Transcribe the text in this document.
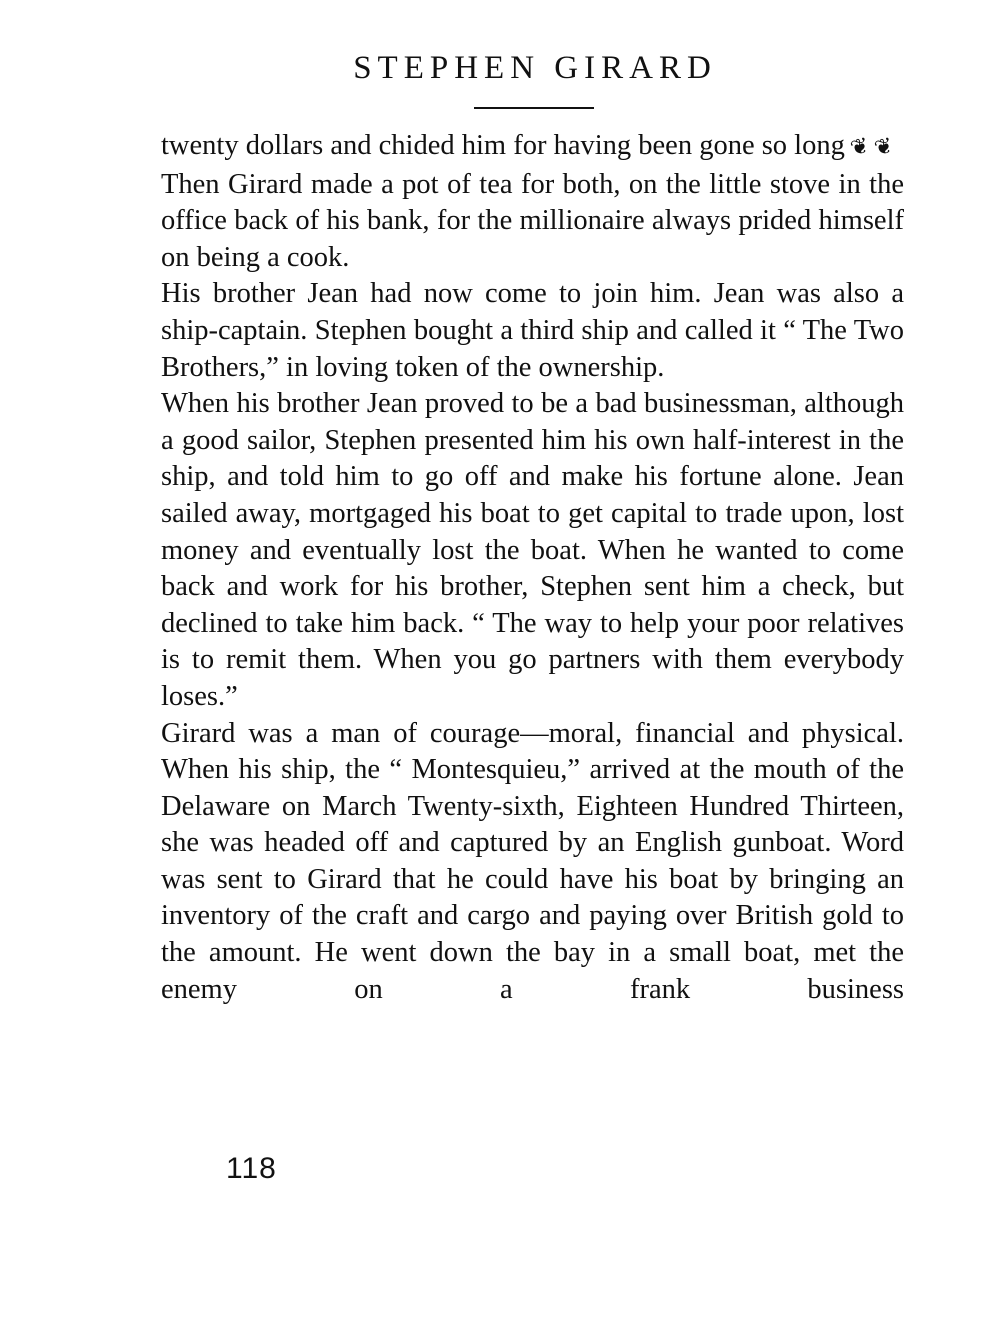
STEPHEN GIRARD

twenty dollars and chided him for having been gone so long ❦❦

Then Girard made a pot of tea for both, on the little stove in the office back of his bank, for the millionaire always prided himself on being a cook.

His brother Jean had now come to join him. Jean was also a ship-captain. Stephen bought a third ship and called it “ The Two Brothers,” in loving token of the ownership.

When his brother Jean proved to be a bad businessman, although a good sailor, Stephen presented him his own half-interest in the ship, and told him to go off and make his fortune alone. Jean sailed away, mortgaged his boat to get capital to trade upon, lost money and eventually lost the boat. When he wanted to come back and work for his brother, Stephen sent him a check, but declined to take him back. “ The way to help your poor relatives is to remit them. When you go partners with them everybody loses.”

Girard was a man of courage—moral, financial and physical. When his ship, the “ Montesquieu,” arrived at the mouth of the Delaware on March Twenty-sixth, Eighteen Hundred Thirteen, she was headed off and captured by an English gunboat. Word was sent to Girard that he could have his boat by bringing an inventory of the craft and cargo and paying over British gold to the amount. He went down the bay in a small boat, met the enemy on a frank business

118
